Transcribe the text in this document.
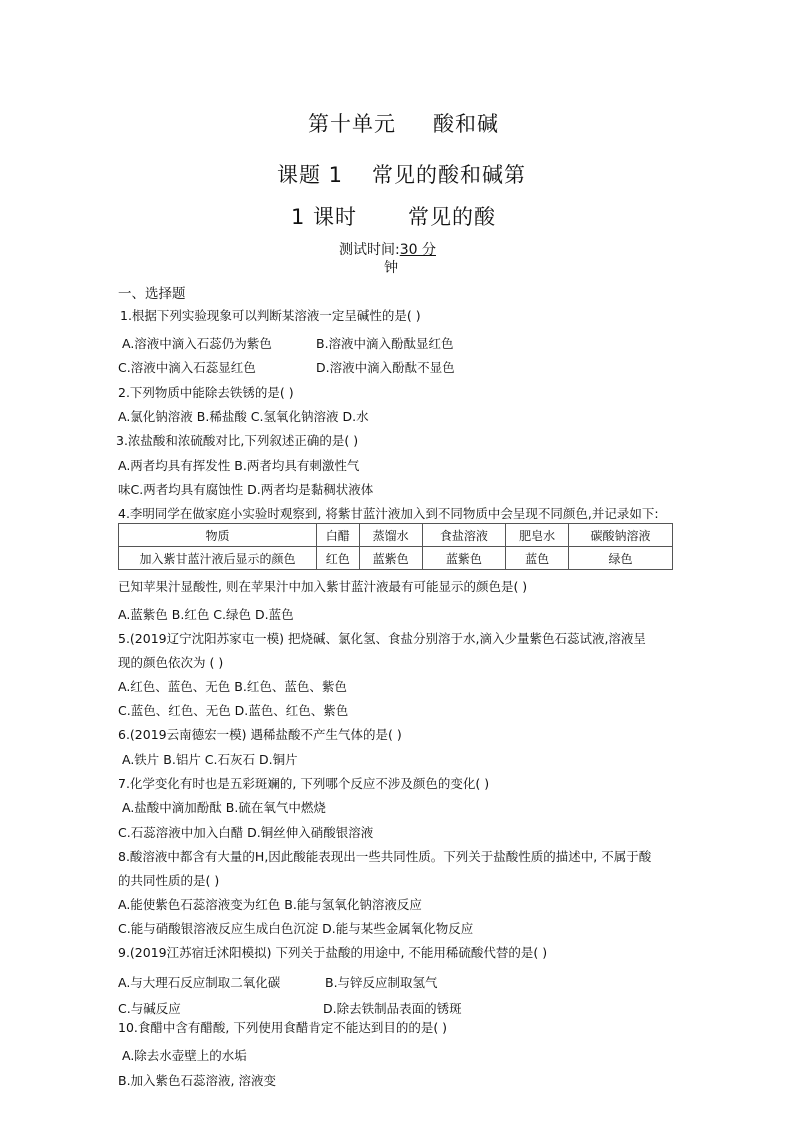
第十单元 酸和碱
课题 1 常见的酸和碱第
1 课时 常见的酸
测试时间:30 分
钟
一、选择题
1.根据下列实验现象可以判断某溶液一定呈碱性的是( )
A.溶液中滴入石蕊仍为紫色	B.溶液中滴入酚酞显红色
C.溶液中滴入石蕊显红色	D.溶液中滴入酚酞不显色
2.下列物质中能除去铁锈的是( )
A.氯化钠溶液 B.稀盐酸 C.氢氧化钠溶液 D.水
3.浓盐酸和浓硫酸对比,下列叙述正确的是( )
A.两者均具有挥发性 B.两者均具有刺激性气
味C.两者均具有腐蚀性 D.两者均是黏稠状液体
4.李明同学在做家庭小实验时观察到, 将紫甘蓝汁液加入到不同物质中会呈现不同颜色,并记录如下:
物质	白醋	蒸馏水	食盐溶液	肥皂水	碳酸钠溶液
加入紫甘蓝汁液后显示的颜色	红色	蓝紫色	蓝紫色	蓝色	绿色
已知苹果汁显酸性, 则在苹果汁中加入紫甘蓝汁液最有可能显示的颜色是( )
A.蓝紫色 B.红色 C.绿色 D.蓝色
5.(2019辽宁沈阳苏家屯一模) 把烧碱、氯化氢、食盐分别溶于水,滴入少量紫色石蕊试液,溶液呈
现的颜色依次为 ( )
A.红色、蓝色、无色 B.红色、蓝色、紫色
C.蓝色、红色、无色 D.蓝色、红色、紫色
6.(2019云南德宏一模) 遇稀盐酸不产生气体的是( )
A.铁片 B.铝片 C.石灰石 D.铜片
7.化学变化有时也是五彩斑斓的, 下列哪个反应不涉及颜色的变化( )
A.盐酸中滴加酚酞 B.硫在氧气中燃烧
C.石蕊溶液中加入白醋 D.铜丝伸入硝酸银溶液
8.酸溶液中都含有大量的H,因此酸能表现出一些共同性质。下列关于盐酸性质的描述中, 不属于酸
的共同性质的是( )
A.能使紫色石蕊溶液变为红色 B.能与氢氧化钠溶液反应
C.能与硝酸银溶液反应生成白色沉淀 D.能与某些金属氧化物反应
9.(2019江苏宿迁沭阳模拟) 下列关于盐酸的用途中, 不能用稀硫酸代替的是( )
A.与大理石反应制取二氧化碳	B.与锌反应制取氢气
C.与碱反应	D.除去铁制品表面的锈斑
10.食醋中含有醋酸, 下列使用食醋肯定不能达到目的的是( )
A.除去水壶壁上的水垢
B.加入紫色石蕊溶液, 溶液变
